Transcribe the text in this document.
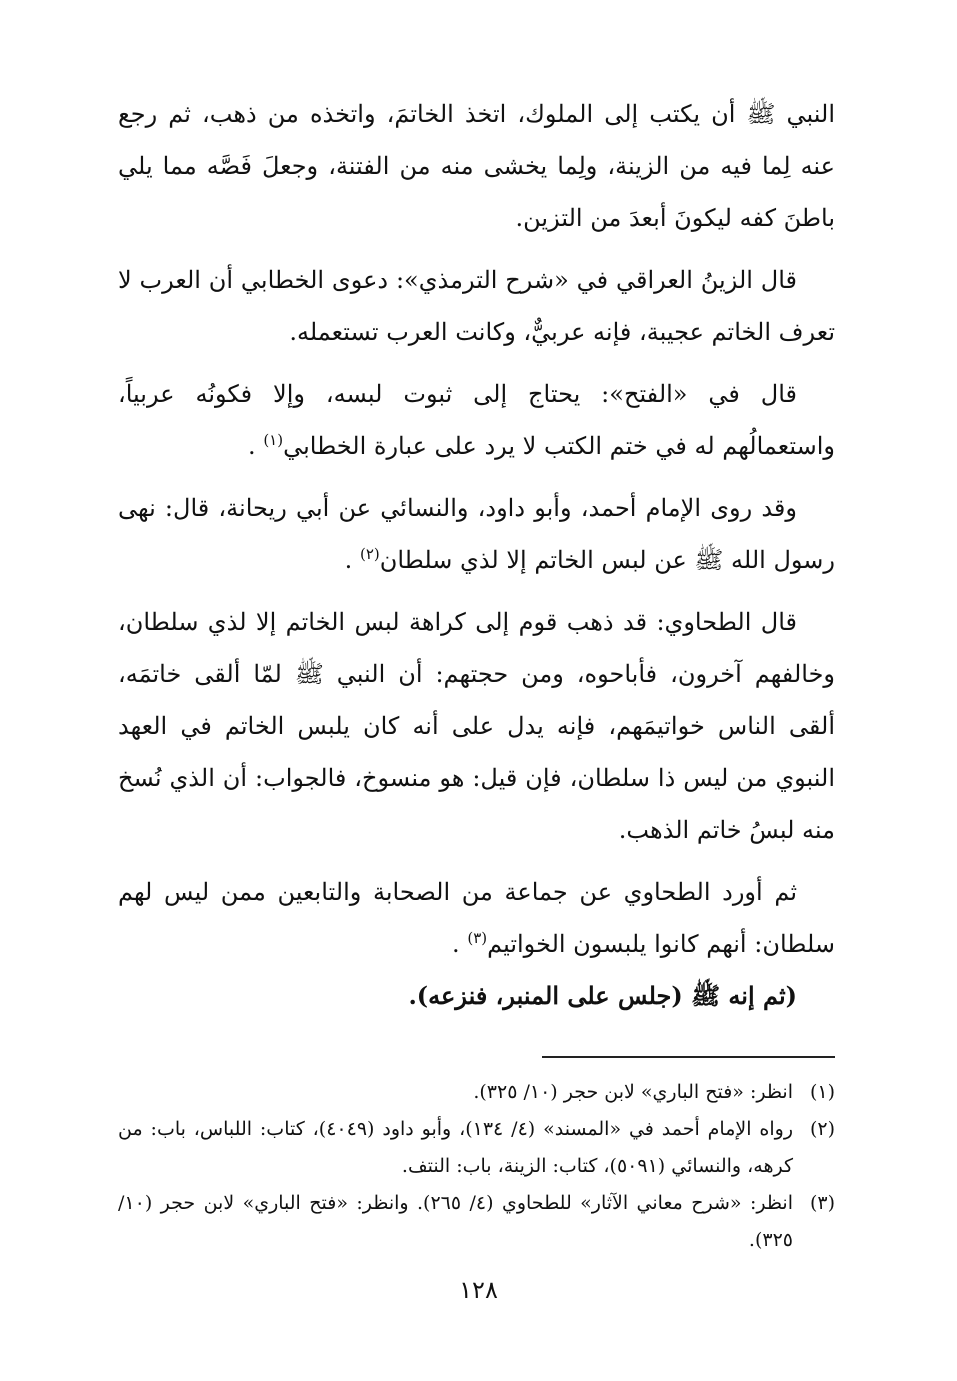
النبي ﷺ أن يكتب إلى الملوك، اتخذ الخاتمَ، واتخذه من ذهب، ثم رجع عنه لِما فيه من الزينة، ولِما يخشى منه من الفتنة، وجعلَ فَصَّه مما يلي باطنَ كفه ليكونَ أبعدَ من التزين.

قال الزينُ العراقي في «شرح الترمذي»: دعوى الخطابي أن العرب لا تعرف الخاتم عجيبة، فإنه عربيٌّ، وكانت العرب تستعمله.

قال في «الفتح»: يحتاج إلى ثبوت لبسه، وإلا فكونُه عربياً، واستعمالُهم له في ختم الكتب لا يرد على عبارة الخطابي$^{(١)}$ .

وقد روى الإمام أحمد، وأبو داود، والنسائي عن أبي ريحانة، قال: نهى رسول الله ﷺ عن لبس الخاتم إلا لذي سلطان$^{(٢)}$ .

قال الطحاوي: قد ذهب قوم إلى كراهة لبس الخاتم إلا لذي سلطان، وخالفهم آخرون، فأباحوه، ومن حجتهم: أن النبي ﷺ لمّا ألقى خاتمَه، ألقى الناس خواتيمَهم، فإنه يدل على أنه كان يلبس الخاتم في العهد النبوي من ليس ذا سلطان، فإن قيل: هو منسوخ، فالجواب: أن الذي نُسخ منه لبسُ خاتم الذهب.

ثم أورد الطحاوي عن جماعة من الصحابة والتابعين ممن ليس لهم سلطان: أنهم كانوا يلبسون الخواتيم$^{(٣)}$ .

(ثم إنه ﷺ (جلس على المنبر، فنزعه).

(١)
انظر: «فتح الباري» لابن حجر (١٠/ ٣٢٥).
(٢)
رواه الإمام أحمد في «المسند» (٤/ ١٣٤)، وأبو داود (٤٠٤٩)، كتاب: اللباس، باب: من كرهه، والنسائي (٥٠٩١)، كتاب: الزينة، باب: النتف.
(٣)
انظر: «شرح معاني الآثار» للطحاوي (٤/ ٢٦٥). وانظر: «فتح الباري» لابن حجر (١٠/ ٣٢٥).
١٢٨
